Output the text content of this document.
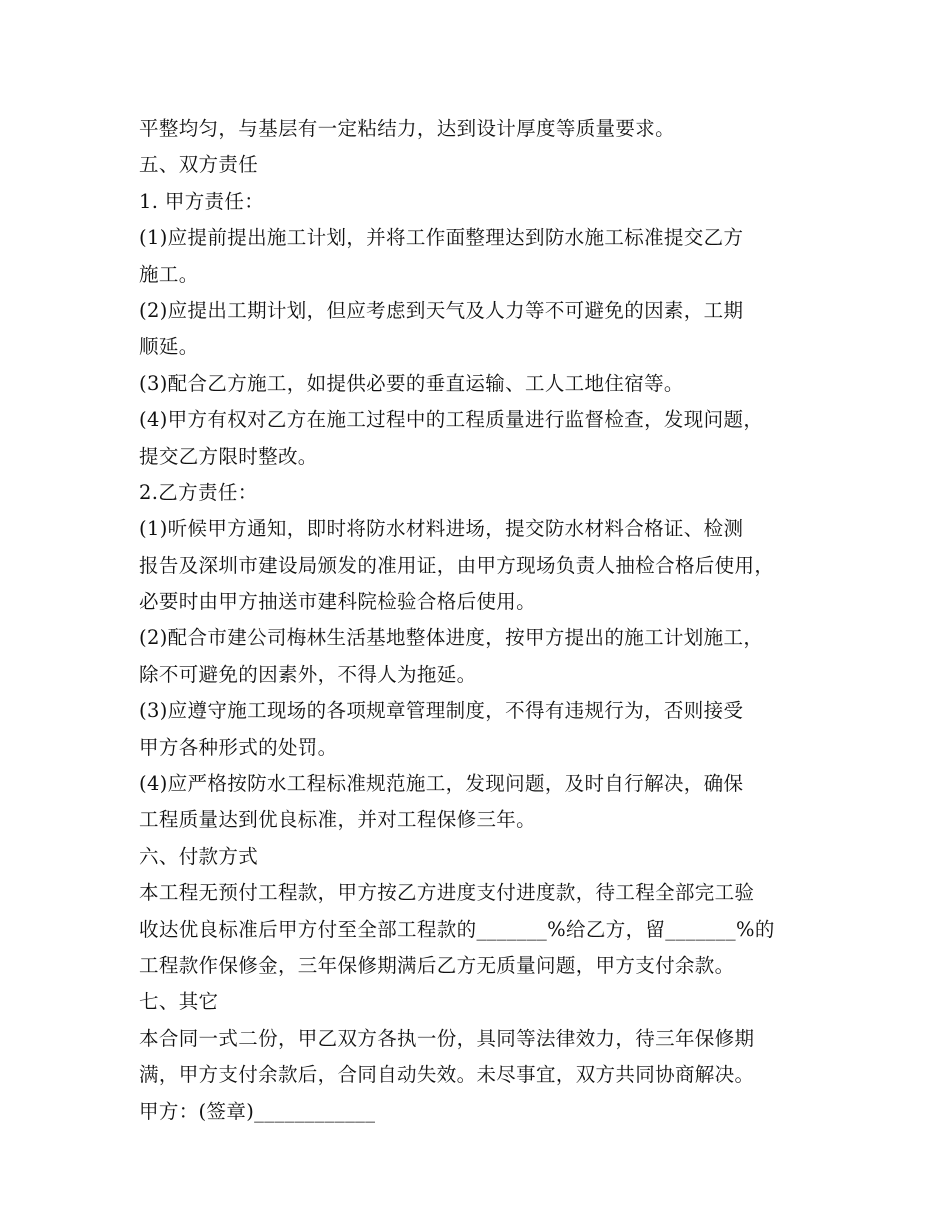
平整均匀，与基层有一定粘结力，达到设计厚度等质量要求。
五、双方责任
1. 甲方责任：
(1)应提前提出施工计划，并将工作面整理达到防水施工标准提交乙方
施工。
(2)应提出工期计划，但应考虑到天气及人力等不可避免的因素，工期
顺延。
(3)配合乙方施工，如提供必要的垂直运输、工人工地住宿等。
(4)甲方有权对乙方在施工过程中的工程质量进行监督检查，发现问题，
提交乙方限时整改。
2.乙方责任：
(1)听候甲方通知，即时将防水材料进场，提交防水材料合格证、检测
报告及深圳市建设局颁发的准用证，由甲方现场负责人抽检合格后使用，
必要时由甲方抽送市建科院检验合格后使用。
(2)配合市建公司梅林生活基地整体进度，按甲方提出的施工计划施工，
除不可避免的因素外，不得人为拖延。
(3)应遵守施工现场的各项规章管理制度，不得有违规行为，否则接受
甲方各种形式的处罚。
(4)应严格按防水工程标准规范施工，发现问题，及时自行解决，确保
工程质量达到优良标准，并对工程保修三年。
六、付款方式
本工程无预付工程款，甲方按乙方进度支付进度款，待工程全部完工验
收达优良标准后甲方付至全部工程款的_______%给乙方，留_______%的
工程款作保修金，三年保修期满后乙方无质量问题，甲方支付余款。
七、其它
本合同一式二份，甲乙双方各执一份，具同等法律效力，待三年保修期
满，甲方支付余款后，合同自动失效。未尽事宜，双方共同协商解决。
甲方：(签章)____________
